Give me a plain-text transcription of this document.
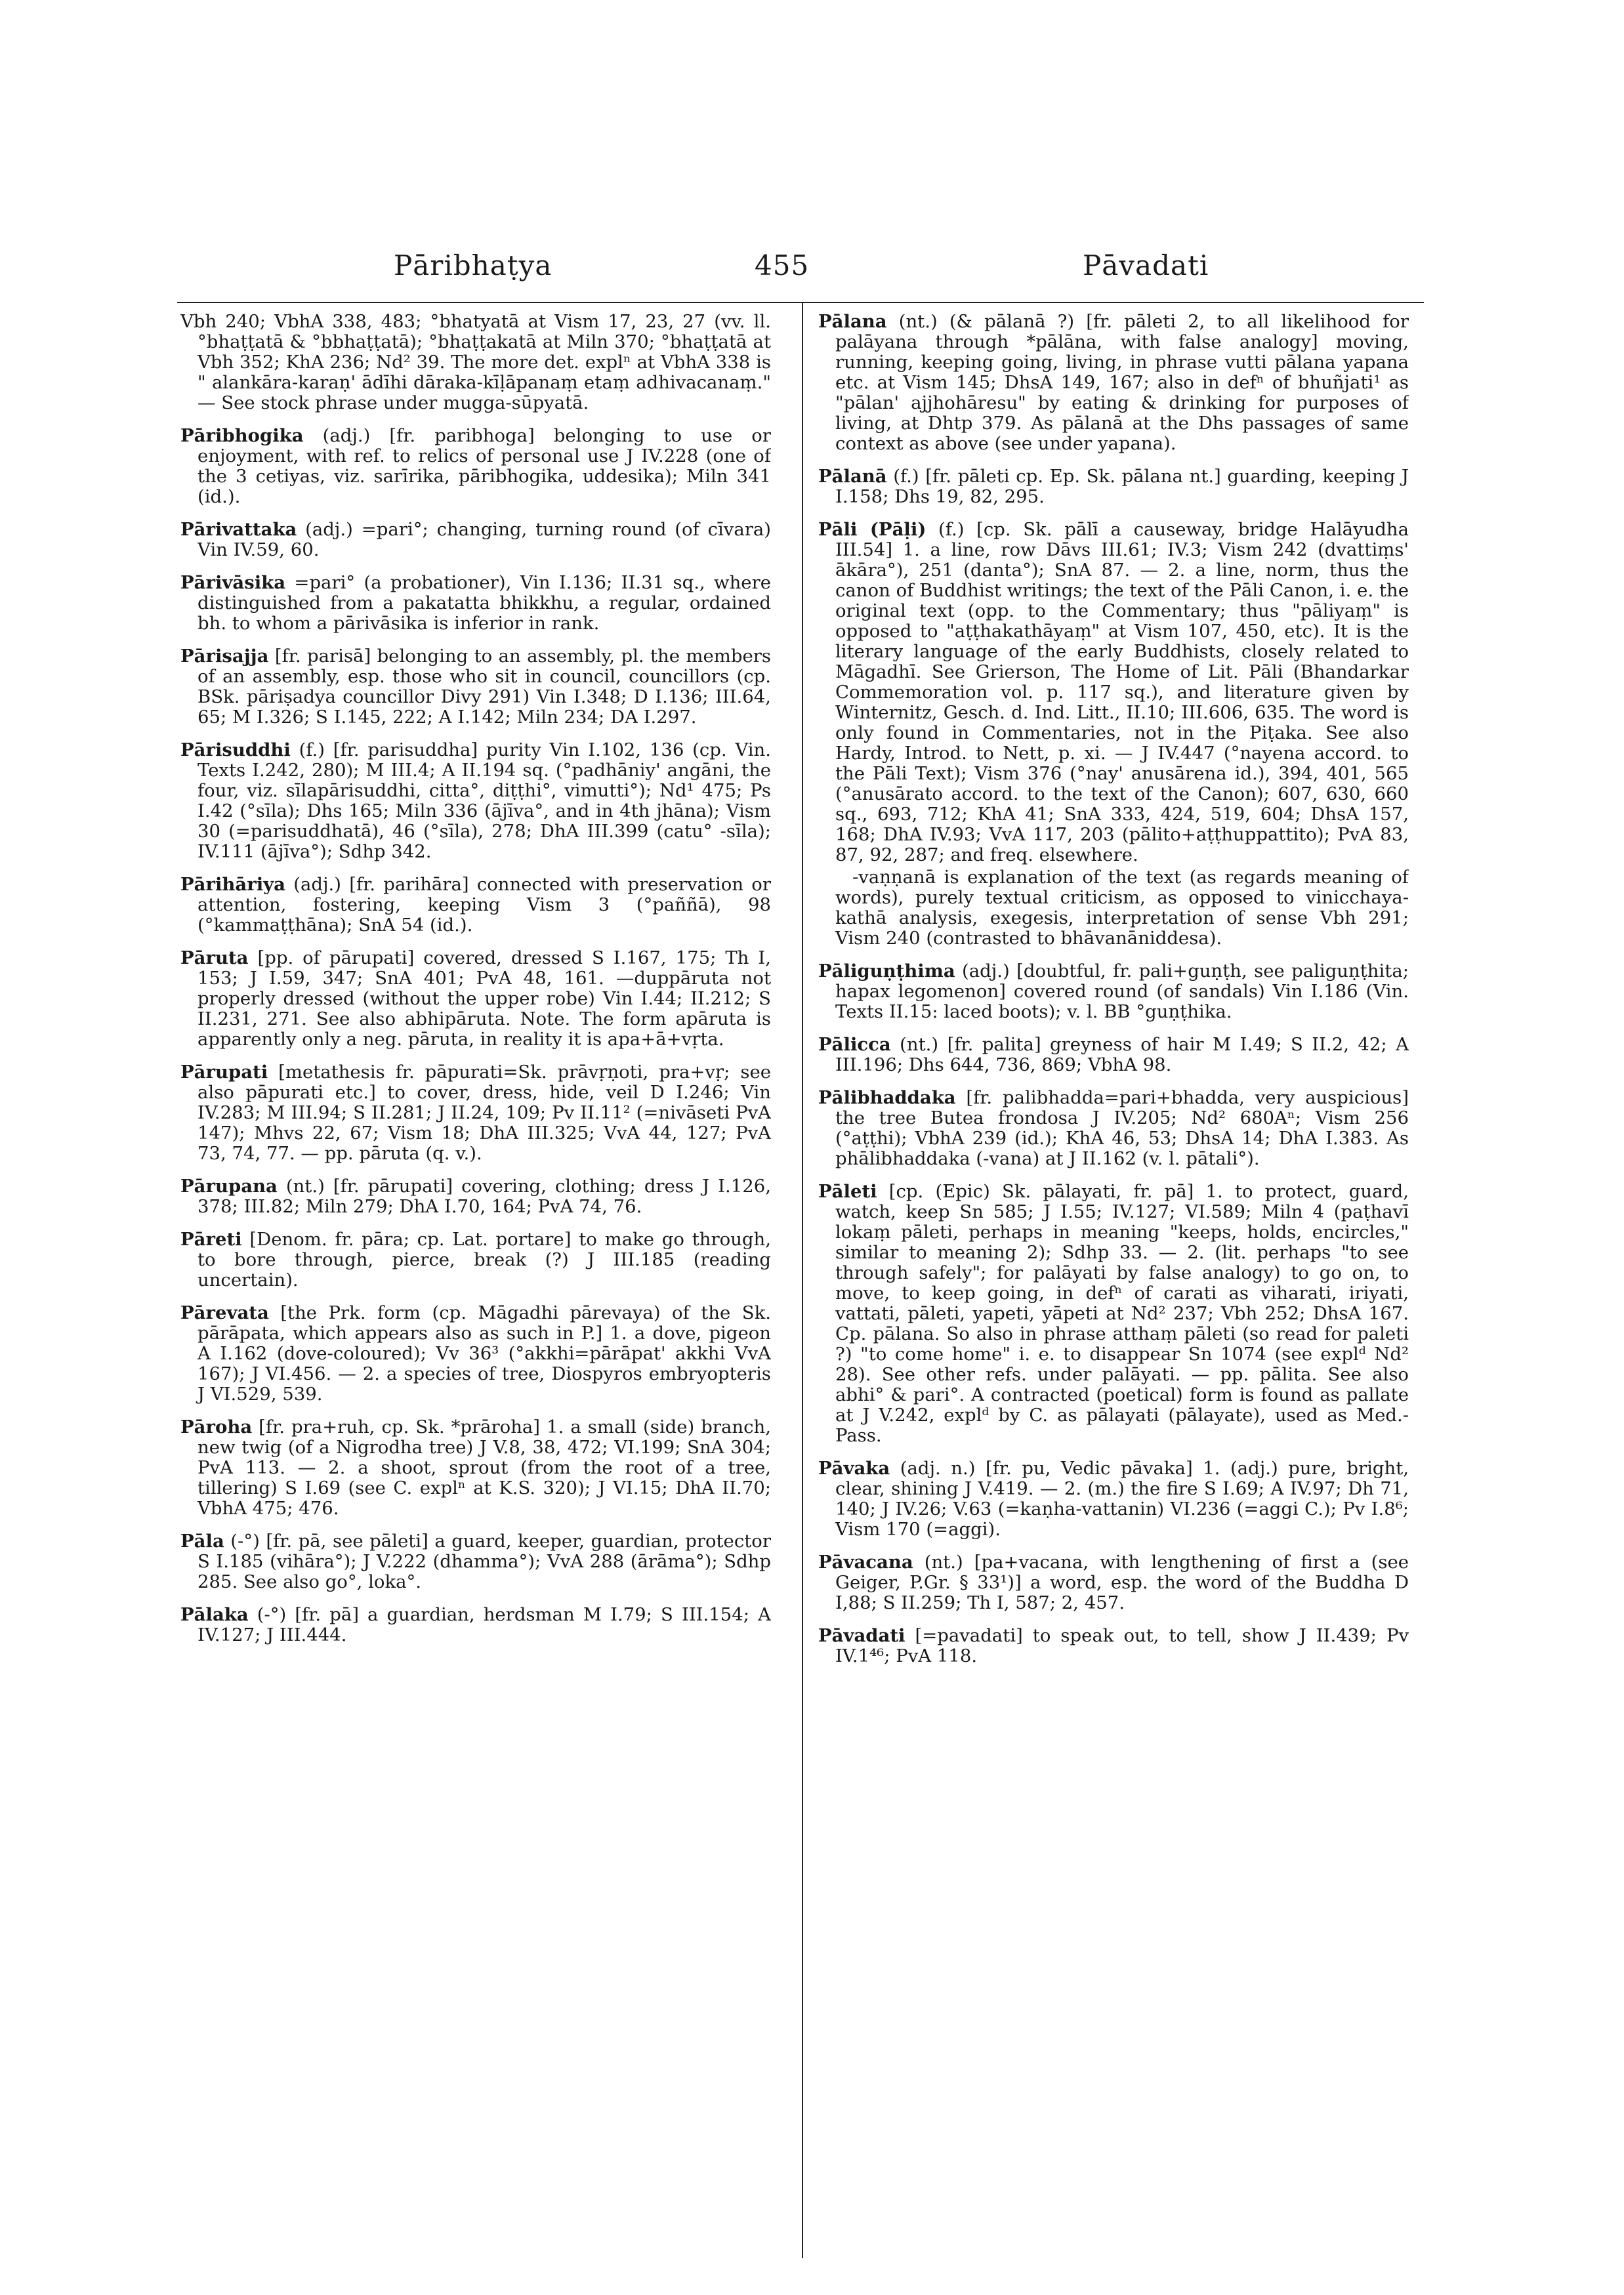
Pāribhaṭya	455	Pāvadati

Vbh 240; VbhA 338, 483; °bhatyatā at Vism 17, 23, 27 (vv. ll. °bhaṭṭatā & °bbhaṭṭatā); °bhaṭṭakatā at Miln 370; °bhaṭṭatā at Vbh 352; KhA 236; Nd² 39. The more det. explⁿ at VbhA 338 is " alankāra-karaṇ' ādīhi dāraka-kīḷāpanaṃ etaṃ adhivacanaṃ." — See stock phrase under mugga-sūpyatā.

Pāribhogika (adj.) [fr. paribhoga] belonging to use or enjoyment, with ref. to relics of personal use J IV.228 (one of the 3 cetiyas, viz. sarīrika, pāribhogika, uddesika); Miln 341 (id.).

Pārivattaka (adj.) =pari°; changing, turning round (of cīvara) Vin IV.59, 60.

Pārivāsika =pari° (a probationer), Vin I.136; II.31 sq., where distinguished from a pakatatta bhikkhu, a regular, ordained bh. to whom a pārivāsika is inferior in rank.

Pārisajja [fr. parisā] belonging to an assembly, pl. the members of an assembly, esp. those who sit in council, councillors (cp. BSk. pāriṣadya councillor Divy 291) Vin I.348; D I.136; III.64, 65; M I.326; S I.145, 222; A I.142; Miln 234; DA I.297.

Pārisuddhi (f.) [fr. parisuddha] purity Vin I.102, 136 (cp. Vin. Texts I.242, 280); M III.4; A II.194 sq. (°padhāniy' angāni, the four, viz. sīlapārisuddhi, citta°, diṭṭhi°, vimutti°); Nd¹ 475; Ps I.42 (°sīla); Dhs 165; Miln 336 (ājīva°, and in 4th jhāna); Vism 30 (=parisuddhatā), 46 (°sīla), 278; DhA III.399 (catu° -sīla); IV.111 (ājīva°); Sdhp 342.

Pārihāriya (adj.) [fr. parihāra] connected with preservation or attention, fostering, keeping Vism 3 (°paññā), 98 (°kammaṭṭhāna); SnA 54 (id.).

Pāruta [pp. of pārupati] covered, dressed S I.167, 175; Th I, 153; J I.59, 347; SnA 401; PvA 48, 161. —duppāruta not properly dressed (without the upper robe) Vin I.44; II.212; S II.231, 271. See also abhipāruta. Note. The form apāruta is apparently only a neg. pāruta, in reality it is apa+ā+vṛta.

Pārupati [metathesis fr. pāpurati=Sk. prāvṛṇoti, pra+vṛ; see also pāpurati etc.] to cover, dress, hide, veil D I.246; Vin IV.283; M III.94; S II.281; J II.24, 109; Pv II.11² (=nivāseti PvA 147); Mhvs 22, 67; Vism 18; DhA III.325; VvA 44, 127; PvA 73, 74, 77. — pp. pāruta (q. v.).

Pārupana (nt.) [fr. pārupati] covering, clothing; dress J I.126, 378; III.82; Miln 279; DhA I.70, 164; PvA 74, 76.

Pāreti [Denom. fr. pāra; cp. Lat. portare] to make go through, to bore through, pierce, break (?) J III.185 (reading uncertain).

Pārevata [the Prk. form (cp. Māgadhi pārevaya) of the Sk. pārāpata, which appears also as such in P.] 1. a dove, pigeon A I.162 (dove-coloured); Vv 36³ (°akkhi=pārāpat' akkhi VvA 167); J VI.456. — 2. a species of tree, Diospyros embryopteris J VI.529, 539.

Pāroha [fr. pra+ruh, cp. Sk. *prāroha] 1. a small (side) branch, new twig (of a Nigrodha tree) J V.8, 38, 472; VI.199; SnA 304; PvA 113. — 2. a shoot, sprout (from the root of a tree, tillering) S I.69 (see C. explⁿ at K.S. 320); J VI.15; DhA II.70; VbhA 475; 476.

Pāla (-°) [fr. pā, see pāleti] a guard, keeper, guardian, protector S I.185 (vihāra°); J V.222 (dhamma°); VvA 288 (ārāma°); Sdhp 285. See also go°, loka°.

Pālaka (-°) [fr. pā] a guardian, herdsman M I.79; S III.154; A IV.127; J III.444.

Pālana (nt.) (& pālanā ?) [fr. pāleti 2, to all likelihood for palāyana through *pālāna, with false analogy] moving, running, keeping going, living, in phrase vutti pālana yapana etc. at Vism 145; DhsA 149, 167; also in defⁿ of bhuñjati¹ as "pālan' ajjhohāresu" by eating & drinking for purposes of living, at Dhtp 379. As pālanā at the Dhs passages of same context as above (see under yapana).

Pālanā (f.) [fr. pāleti cp. Ep. Sk. pālana nt.] guarding, keeping J I.158; Dhs 19, 82, 295.

Pāli (Pāḷi) (f.) [cp. Sk. pālī a causeway, bridge Halāyudha III.54] 1. a line, row Dāvs III.61; IV.3; Vism 242 (dvattiṃs' ākāra°), 251 (danta°); SnA 87. — 2. a line, norm, thus the canon of Buddhist writings; the text of the Pāli Canon, i. e. the original text (opp. to the Commentary; thus "pāliyaṃ" is opposed to "aṭṭhakathāyaṃ" at Vism 107, 450, etc). It is the literary language of the early Buddhists, closely related to Māgadhī. See Grierson, The Home of Lit. Pāli (Bhandarkar Commemoration vol. p. 117 sq.), and literature given by Winternitz, Gesch. d. Ind. Litt., II.10; III.606, 635. The word is only found in Commentaries, not in the Piṭaka. See also Hardy, Introd. to Nett, p. xi. — J IV.447 (°nayena accord. to the Pāli Text); Vism 376 (°nay' anusārena id.), 394, 401, 565 (°anusārato accord. to the text of the Canon); 607, 630, 660 sq., 693, 712; KhA 41; SnA 333, 424, 519, 604; DhsA 157, 168; DhA IV.93; VvA 117, 203 (pālito+aṭṭhuppattito); PvA 83, 87, 92, 287; and freq. elsewhere.

-vaṇṇanā is explanation of the text (as regards meaning of words), purely textual criticism, as opposed to vinicchaya-kathā analysis, exegesis, interpretation of sense Vbh 291; Vism 240 (contrasted to bhāvanāniddesa).

Pāliguṇṭhima (adj.) [doubtful, fr. pali+guṇṭh, see paliguṇṭhita; hapax legomenon] covered round (of sandals) Vin I.186 (Vin. Texts II.15: laced boots); v. l. BB °guṇṭhika.

Pālicca (nt.) [fr. palita] greyness of hair M I.49; S II.2, 42; A III.196; Dhs 644, 736, 869; VbhA 98.

Pālibhaddaka [fr. palibhadda=pari+bhadda, very auspicious] the tree Butea frondosa J IV.205; Nd² 680Aⁿ; Vism 256 (°aṭṭhi); VbhA 239 (id.); KhA 46, 53; DhsA 14; DhA I.383. As phālibhaddaka (-vana) at J II.162 (v. l. pātali°).

Pāleti [cp. (Epic) Sk. pālayati, fr. pā] 1. to protect, guard, watch, keep Sn 585; J I.55; IV.127; VI.589; Miln 4 (paṭhavī lokaṃ pāleti, perhaps in meaning "keeps, holds, encircles," similar to meaning 2); Sdhp 33. — 2. (lit. perhaps "to see through safely"; for palāyati by false analogy) to go on, to move, to keep going, in defⁿ of carati as viharati, iriyati, vattati, pāleti, yapeti, yāpeti at Nd² 237; Vbh 252; DhsA 167. Cp. pālana. So also in phrase atthaṃ pāleti (so read for paleti ?) "to come home" i. e. to disappear Sn 1074 (see explᵈ Nd² 28). See other refs. under palāyati. — pp. pālita. See also abhi° & pari°. A contracted (poetical) form is found as pallate at J V.242, explᵈ by C. as pālayati (pālayate), used as Med.-Pass.

Pāvaka (adj. n.) [fr. pu, Vedic pāvaka] 1. (adj.) pure, bright, clear, shining J V.419. — 2. (m.) the fire S I.69; A IV.97; Dh 71, 140; J IV.26; V.63 (=kaṇha-vattanin) VI.236 (=aggi C.); Pv I.8⁶; Vism 170 (=aggi).

Pāvacana (nt.) [pa+vacana, with lengthening of first a (see Geiger, P.Gr. § 33¹)] a word, esp. the word of the Buddha D I,88; S II.259; Th I, 587; 2, 457.

Pāvadati [=pavadati] to speak out, to tell, show J II.439; Pv IV.1⁴⁶; PvA 118.
